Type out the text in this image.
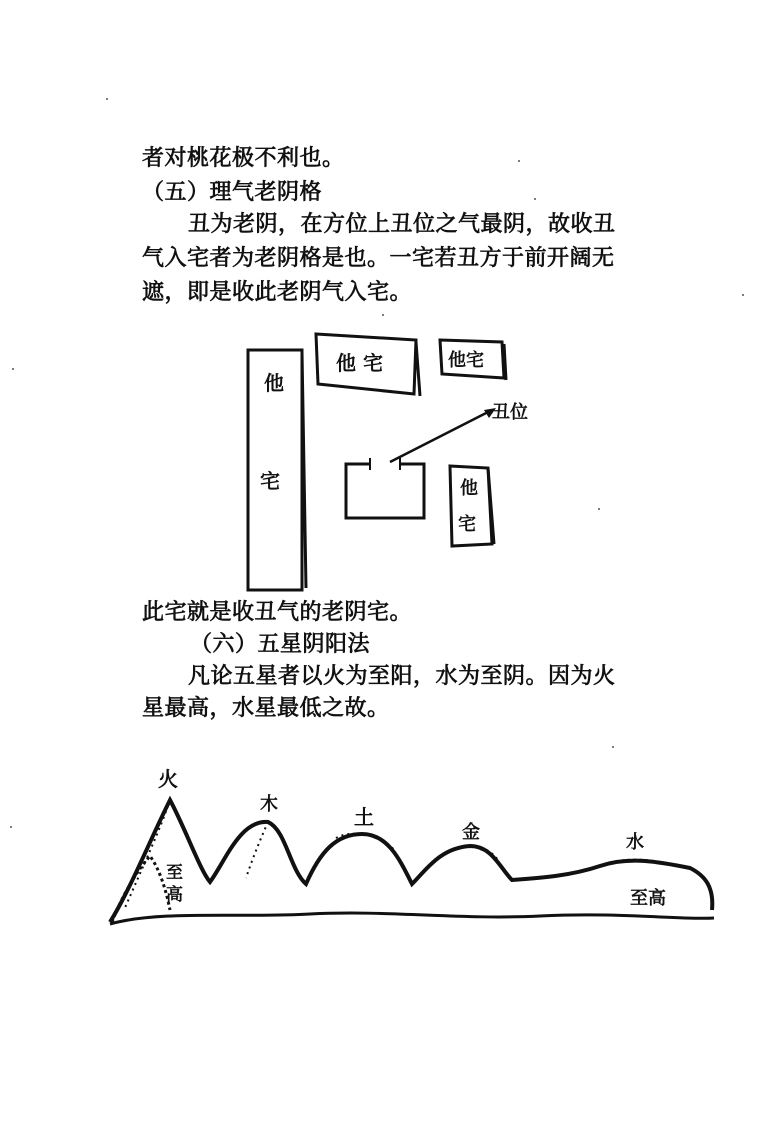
者对桃花极不利也。
（五）理气老阴格
丑为老阴，在方位上丑位之气最阴，故收丑
气入宅者为老阴格是也。一宅若丑方于前开阔无
遮，即是收此老阴气入宅。
他
宅
他 宅	他宅
丑位
他
宅
此宅就是收丑气的老阴宅。
（六）五星阴阳法
凡论五星者以火为至阳，水为至阴。因为火
星最高，水星最低之故。
火
木
土
金	水
至
高	至高
